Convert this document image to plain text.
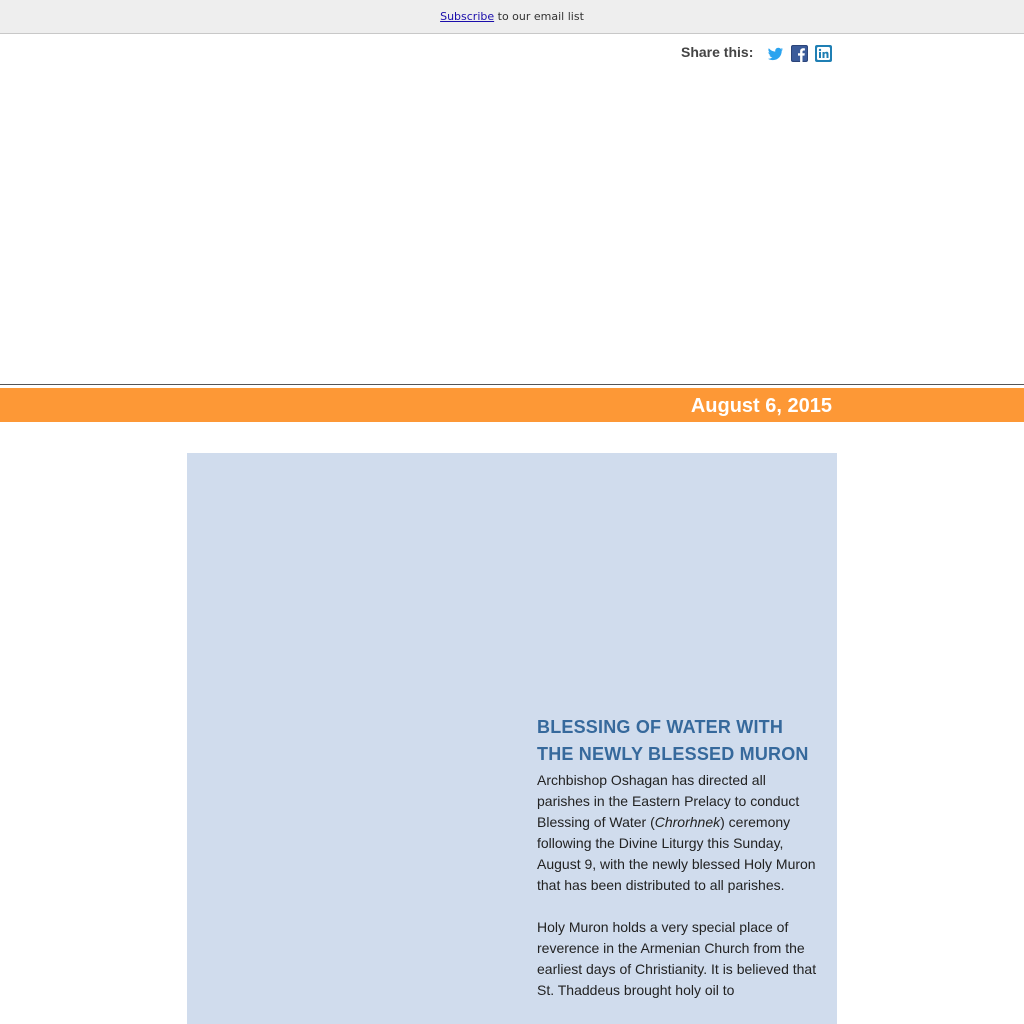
Subscribe to our email list
Share this:
August 6, 2015
BLESSING OF WATER WITH THE NEWLY BLESSED MURON

Archbishop Oshagan has directed all parishes in the Eastern Prelacy to conduct Blessing of Water (Chrorhnek) ceremony following the Divine Liturgy this Sunday, August 9, with the newly blessed Holy Muron that has been distributed to all parishes.

Holy Muron holds a very special place of reverence in the Armenian Church from the earliest days of Christianity. It is believed that St. Thaddeus brought holy oil to
